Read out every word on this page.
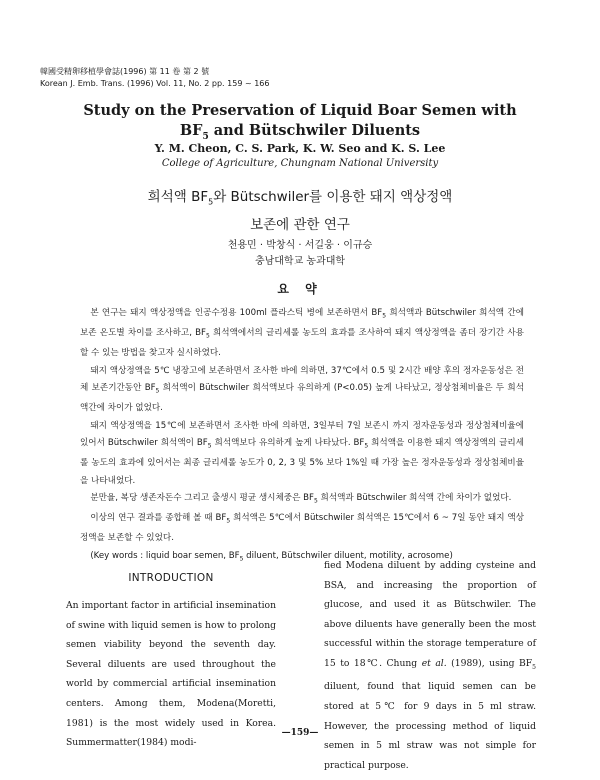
韓國受精卵移植學會誌(1996) 第 11 卷 第 2 號
Korean J. Emb. Trans. (1996) Vol. 11, No. 2 pp. 159 ~ 166
Study on the Preservation of Liquid Boar Semen with
$BF_5$ and Bütschwiler Diluents
Y. M. Cheon, C. S. Park, K. W. Seo and K. S. Lee
College of Agriculture, Chungnam National University
희석액 $BF_5$와 Bütschwiler를 이용한 돼지 액상정액
보존에 관한 연구
천용민 · 박창식 · 서길웅 · 이규승
충남대학교 농과대학
요 약

본 연구는 돼지 액상정액을 인공수정용 100ml 플라스틱 병에 보존하면서 $BF_5$ 희석액과 Bütschwiler 희석액 간에 보존 온도별 차이를 조사하고, $BF_5$ 희석액에서의 글리세롤 농도의 효과를 조사하여 돼지 액상정액을 좀더 장기간 사용할 수 있는 방법을 찾고자 실시하였다.

돼지 액상정액을 5℃ 냉장고에 보존하면서 조사한 바에 의하면, 37℃에서 0.5 및 2시간 배양 후의 정자운동성은 전체 보존기간동안 $BF_5$ 희석액이 Bütschwiler 희석액보다 유의하게 (P<0.05) 높게 나타났고, 정상첨체비율은 두 희석액간에 차이가 없었다.

돼지 액상정액을 15℃에 보존하면서 조사한 바에 의하면, 3일부터 7일 보존시 까지 정자운동성과 정상첨체비율에 있어서 Bütschwiler 희석액이 $BF_5$ 희석액보다 유의하게 높게 나타났다. $BF_5$ 희석액을 이용한 돼지 액상정액의 글리세롤 농도의 효과에 있어서는 최종 글리세롤 농도가 0, 2, 3 및 5% 보다 1%일 때 가장 높은 정자운동성과 정상첨체비율을 나타내었다.

분만율, 복당 생존자돈수 그리고 출생시 평균 생시체중은 $BF_5$ 희석액과 Bütschwiler 희석액 간에 차이가 없었다.

이상의 연구 결과를 종합해 볼 때 $BF_5$ 희석액은 5℃에서 Bütschwiler 희석액은 15℃에서 6 ~ 7일 동안 돼지 액상정액을 보존할 수 있었다.

(Key words : liquid boar semen, $BF_5$ diluent, Bütschwiler diluent, motility, acrosome)

INTRODUCTION

An important factor in artificial insemination of swine with liquid semen is how to prolong semen viability beyond the seventh day. Several diluents are used throughout the world by commercial artificial insemination centers. Among them, Modena(Moretti, 1981) is the most widely used in Korea. Summermatter(1984) modi-

fied Modena diluent by adding cysteine and BSA, and increasing the proportion of glucose, and used it as Bütschwiler. The above diluents have generally been the most successful within the storage temperature of 15 to 18℃. Chung et al. (1989), using $BF_5$ diluent, found that liquid semen can be stored at 5℃ for 9 days in 5 ml straw. However, the processing method of liquid semen in 5 ml straw was not simple for practical purpose.

—159—
